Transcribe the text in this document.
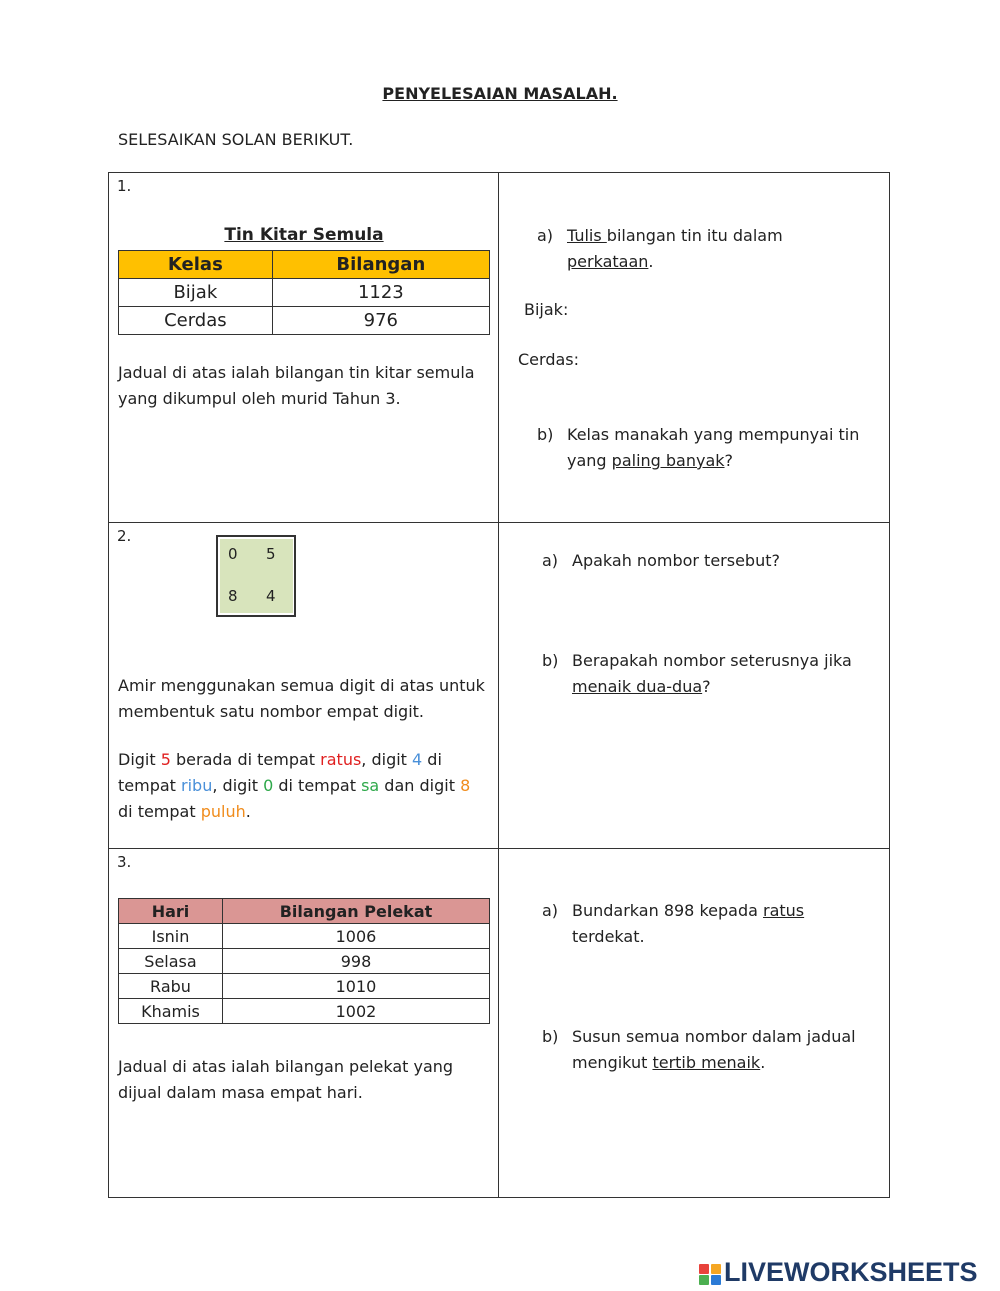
PENYELESAIAN MASALAH.
SELESAIKAN SOLAN BERIKUT.
1.
Tin Kitar Semula
Kelas	Bilangan
Bijak	1123
Cerdas	976
Jadual di atas ialah bilangan tin kitar semula
yang dikumpul oleh murid Tahun 3.
a) Tulis bilangan tin itu dalam
perkataan.
Bijak:
Cerdas:
b) Kelas manakah yang mempunyai tin
yang paling banyak?
2.
0 5
8 4
Amir menggunakan semua digit di atas untuk
membentuk satu nombor empat digit.
Digit 5 berada di tempat ratus, digit 4 di
tempat ribu, digit 0 di tempat sa dan digit 8
di tempat puluh.
a) Apakah nombor tersebut?
b) Berapakah nombor seterusnya jika
menaik dua-dua?
3.
Hari	Bilangan Pelekat
Isnin	1006
Selasa	998
Rabu	1010
Khamis	1002
Jadual di atas ialah bilangan pelekat yang
dijual dalam masa empat hari.
a) Bundarkan 898 kepada ratus
terdekat.
b) Susun semua nombor dalam jadual
mengikut tertib menaik.
LIVEWORKSHEETS
